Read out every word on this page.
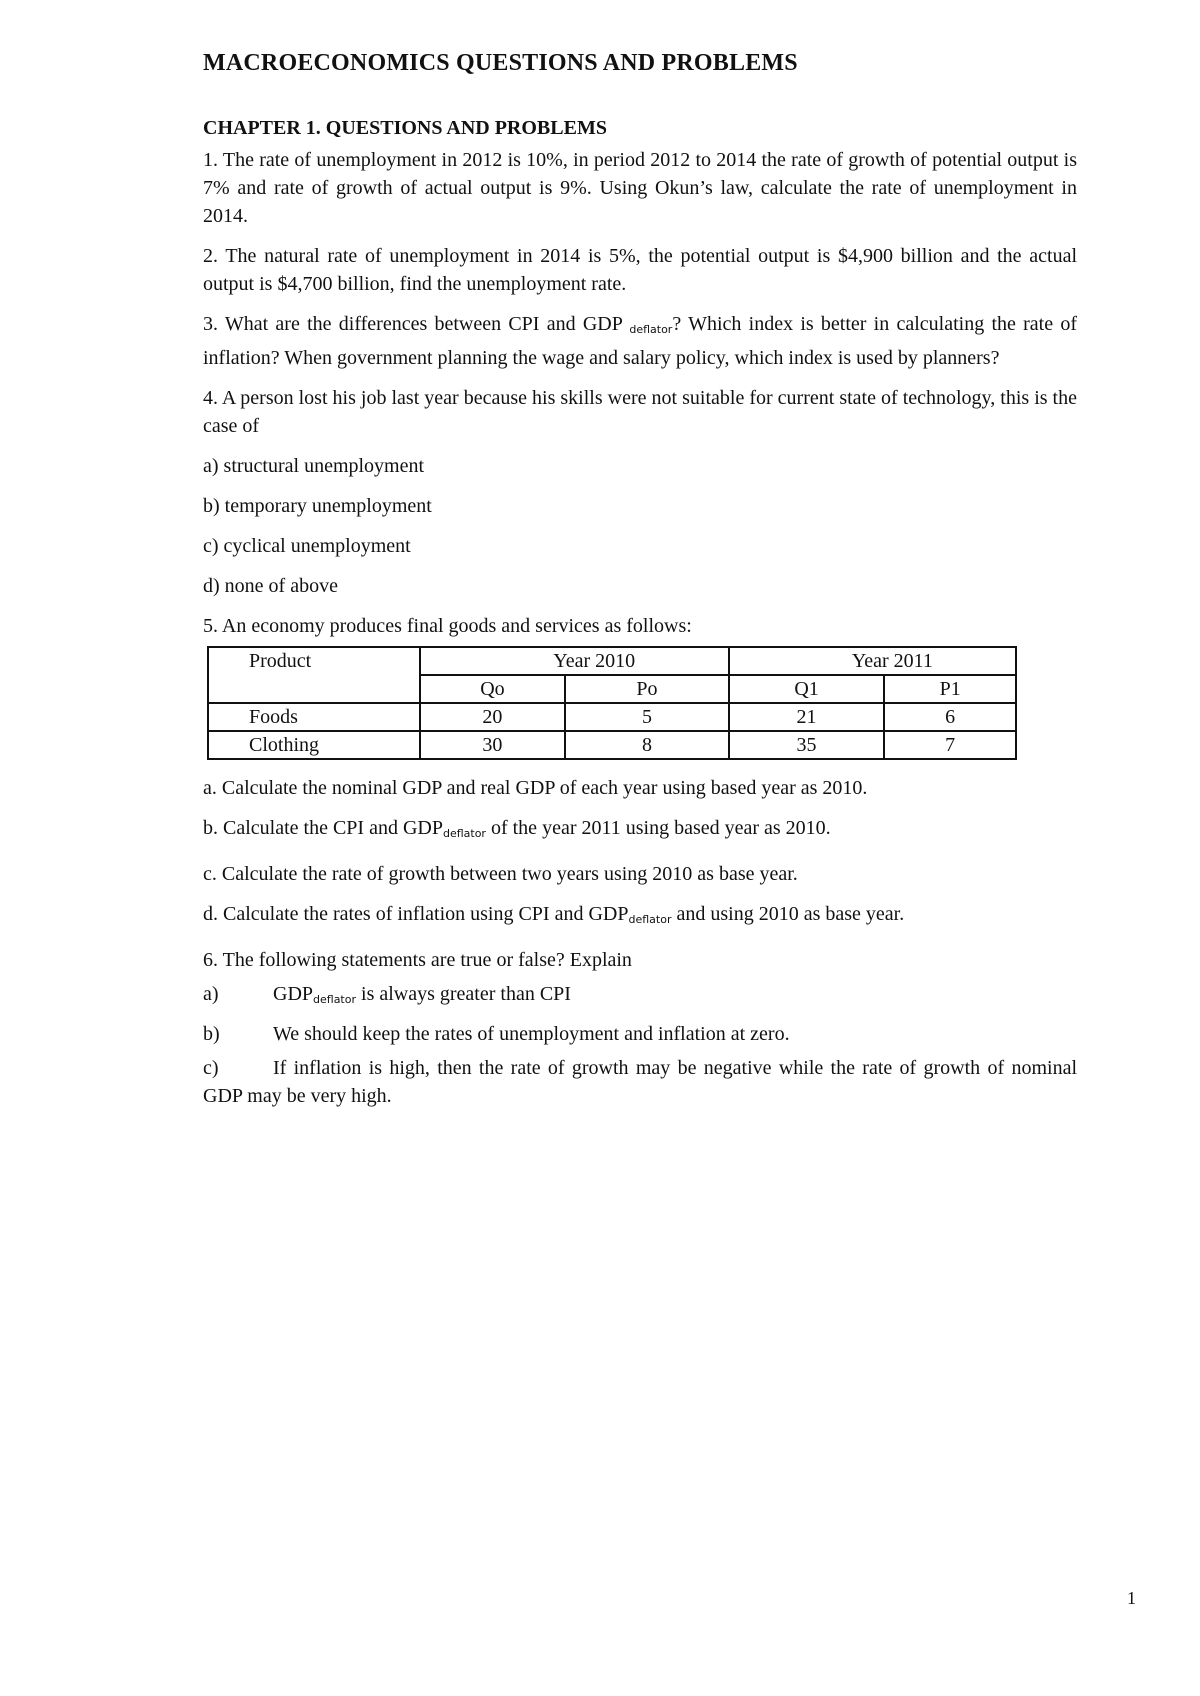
MACROECONOMICS QUESTIONS AND PROBLEMS
CHAPTER 1. QUESTIONS AND PROBLEMS

1. The rate of unemployment in 2012 is 10%, in period 2012 to 2014 the rate of growth of potential output is 7% and rate of growth of actual output is 9%. Using Okun’s law, calculate the rate of unemployment in 2014.

2. The natural rate of unemployment in 2014 is 5%, the potential output is $4,900 billion and the actual output is $4,700 billion, find the unemployment rate.

3. What are the differences between CPI and GDP $_{deflator}$? Which index is better in calculating the rate of inflation? When government planning the wage and salary policy, which index is used by planners?

4. A person lost his job last year because his skills were not suitable for current state of technology, this is the case of

a) structural unemployment

b) temporary unemployment

c) cyclical unemployment

d) none of above

5. An economy produces final goods and services as follows:

Product	Year 2010		Year 2011	
	Qo	Po	Q1	P1
Foods	20	5	21	6
Clothing	30	8	35	7

a. Calculate the nominal GDP and real GDP of each year using based year as 2010.

b. Calculate the CPI and $GDP_{deflator}$ of the year 2011 using based year as 2010.

c. Calculate the rate of growth between two years using 2010 as base year.

d. Calculate the rates of inflation using CPI and $GDP_{deflator}$ and using 2010 as base year.

6. The following statements are true or false? Explain

a)	$GDP_{deflator}$ is always greater than CPI
b)	We should keep the rates of unemployment and inflation at zero.
c)	If inflation is high, then the rate of growth may be negative while the rate of growth of nominal GDP may be very high.
1
